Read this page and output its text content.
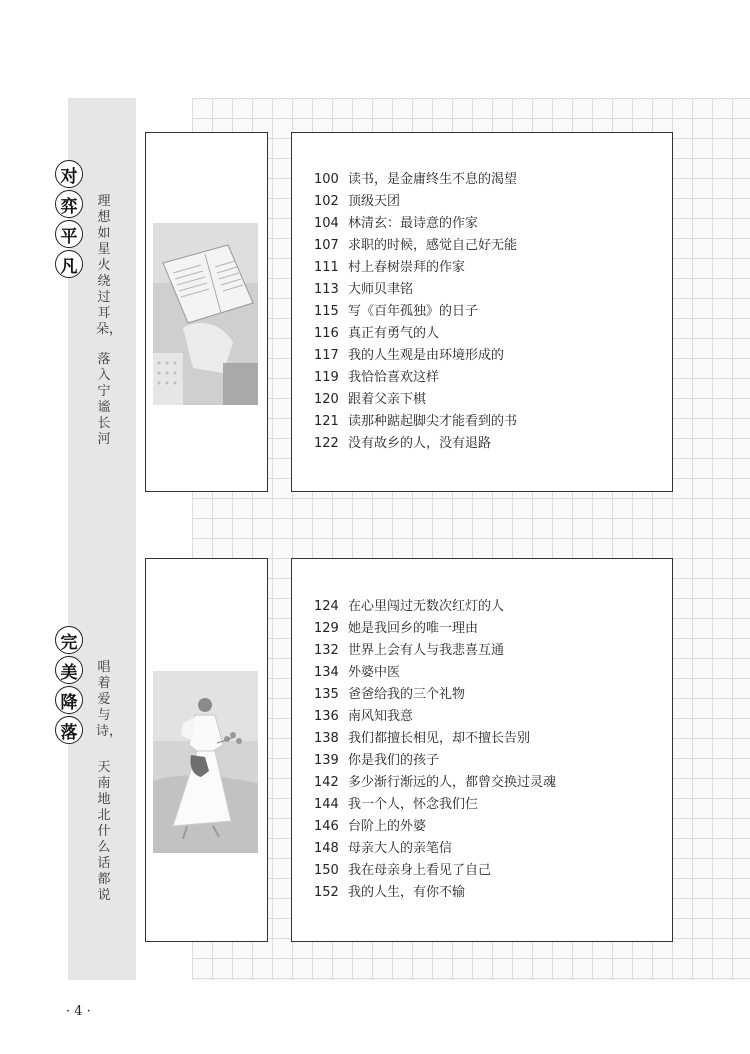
对
弈
平
凡
理想如星火绕过耳朵，
落入宁谧长河
100 读书，是金庸终生不息的渴望
102 顶级天团
104 林清玄：最诗意的作家
107 求职的时候，感觉自己好无能
111 村上春树崇拜的作家
113 大师贝聿铭
115 写《百年孤独》的日子
116 真正有勇气的人
117 我的人生观是由环境形成的
119 我恰恰喜欢这样
120 跟着父亲下棋
121 读那种踮起脚尖才能看到的书
122 没有故乡的人，没有退路
完
美
降
落
唱着爱与诗，
天南地北什么话都说
124 在心里闯过无数次红灯的人
129 她是我回乡的唯一理由
132 世界上会有人与我悲喜互通
134 外婆中医
135 爸爸给我的三个礼物
136 南风知我意
138 我们都擅长相见，却不擅长告别
139 你是我们的孩子
142 多少渐行渐远的人，都曾交换过灵魂
144 我一个人，怀念我们仨
146 台阶上的外婆
148 母亲大人的亲笔信
150 我在母亲身上看见了自己
152 我的人生，有你不输
· 4 ·
